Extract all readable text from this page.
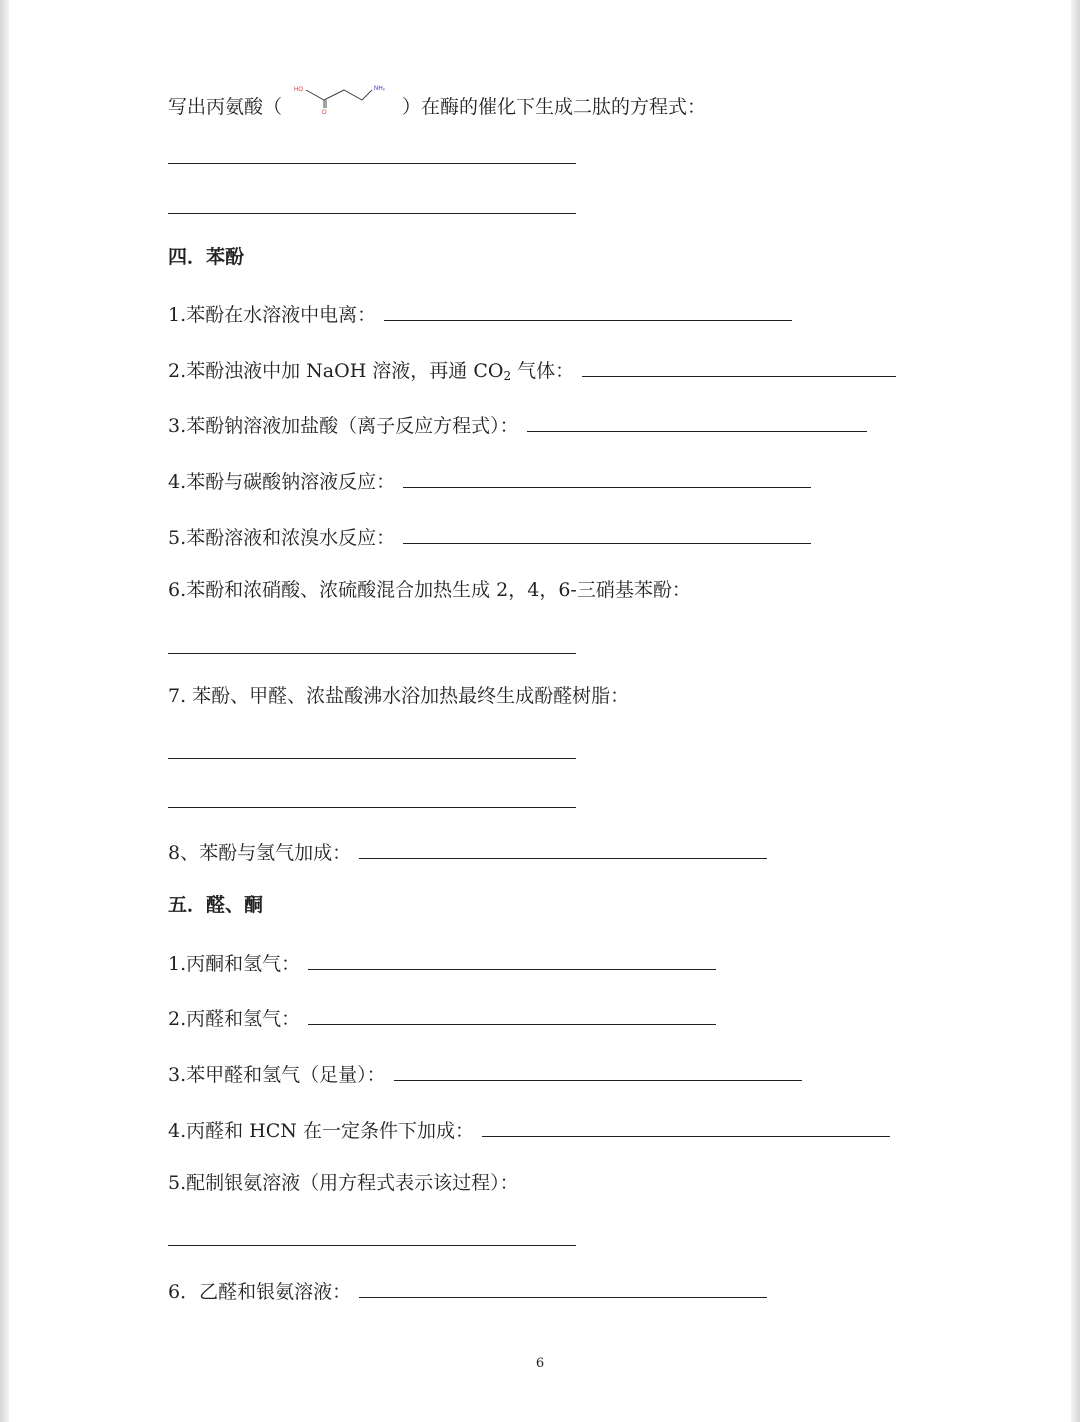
写出丙氨酸（
HO	NH₂
O	）在酶的催化下生成二肽的方程式：
四．苯酚
1.苯酚在水溶液中电离：
2.苯酚浊液中加 NaOH 溶液，再通 $CO_2$ 气体：
3.苯酚钠溶液加盐酸（离子反应方程式）：
4.苯酚与碳酸钠溶液反应：
5.苯酚溶液和浓溴水反应：
6.苯酚和浓硝酸、浓硫酸混合加热生成 2，4，6-三硝基苯酚：
7. 苯酚、甲醛、浓盐酸沸水浴加热最终生成酚醛树脂：
8、苯酚与氢气加成：
五．醛、酮
1.丙酮和氢气：
2.丙醛和氢气：
3.苯甲醛和氢气（足量）：
4.丙醛和 HCN 在一定条件下加成：
5.配制银氨溶液（用方程式表示该过程）：
6．乙醛和银氨溶液：
6
